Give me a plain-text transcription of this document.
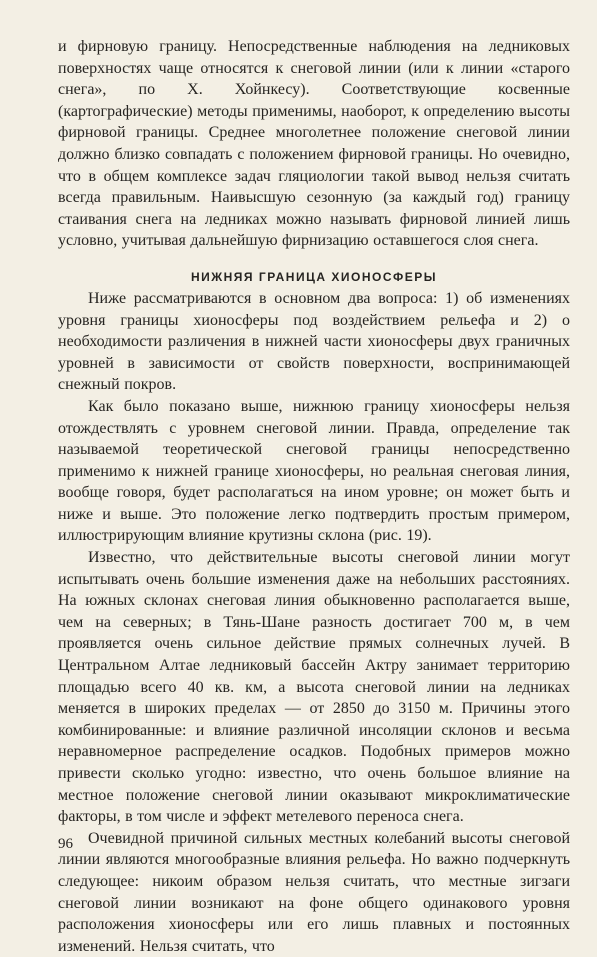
и фирновую границу. Непосредственные наблюдения на ледниковых поверхностях чаще относятся к снеговой линии (или к линии «старого снега», по Х. Хойнкесу). Соответствующие косвенные (картографические) методы применимы, наоборот, к определению высоты фирновой границы. Среднее многолетнее положение снеговой линии должно близко совпадать с положением фирновой границы. Но очевидно, что в общем комплексе задач гляциологии такой вывод нельзя считать всегда правильным. Наивысшую сезонную (за каждый год) границу стаивания снега на ледниках можно называть фирновой линией лишь условно, учитывая дальнейшую фирнизацию оставшегося слоя снега.

НИЖНЯЯ ГРАНИЦА ХИОНОСФЕРЫ

Ниже рассматриваются в основном два вопроса: 1) об изменениях уровня границы хионосферы под воздействием рельефа и 2) о необходимости различения в нижней части хионосферы двух граничных уровней в зависимости от свойств поверхности, воспринимающей снежный покров.

Как было показано выше, нижнюю границу хионосферы нельзя отождествлять с уровнем снеговой линии. Правда, определение так называемой теоретической снеговой границы непосредственно применимо к нижней границе хионосферы, но реальная снеговая линия, вообще говоря, будет располагаться на ином уровне; он может быть и ниже и выше. Это положение легко подтвердить простым примером, иллюстрирующим влияние крутизны склона (рис. 19).

Известно, что действительные высоты снеговой линии могут испытывать очень большие изменения даже на небольших расстояниях. На южных склонах снеговая линия обыкновенно располагается выше, чем на северных; в Тянь-Шане разность достигает 700 м, в чем проявляется очень сильное действие прямых солнечных лучей. В Центральном Алтае ледниковый бассейн Актру занимает территорию площадью всего 40 кв. км, а высота снеговой линии на ледниках меняется в широких пределах — от 2850 до 3150 м. Причины этого комбинированные: и влияние различной инсоляции склонов и весьма неравномерное распределение осадков. Подобных примеров можно привести сколько угодно: известно, что очень большое влияние на местное положение снеговой линии оказывают микроклиматические факторы, в том числе и эффект метелевого переноса снега.

Очевидной причиной сильных местных колебаний высоты снеговой линии являются многообразные влияния рельефа. Но важно подчеркнуть следующее: никоим образом нельзя считать, что местные зигзаги снеговой линии возникают на фоне общего одинакового уровня расположения хионосферы или его лишь плавных и постоянных изменений. Нельзя считать, что

96
